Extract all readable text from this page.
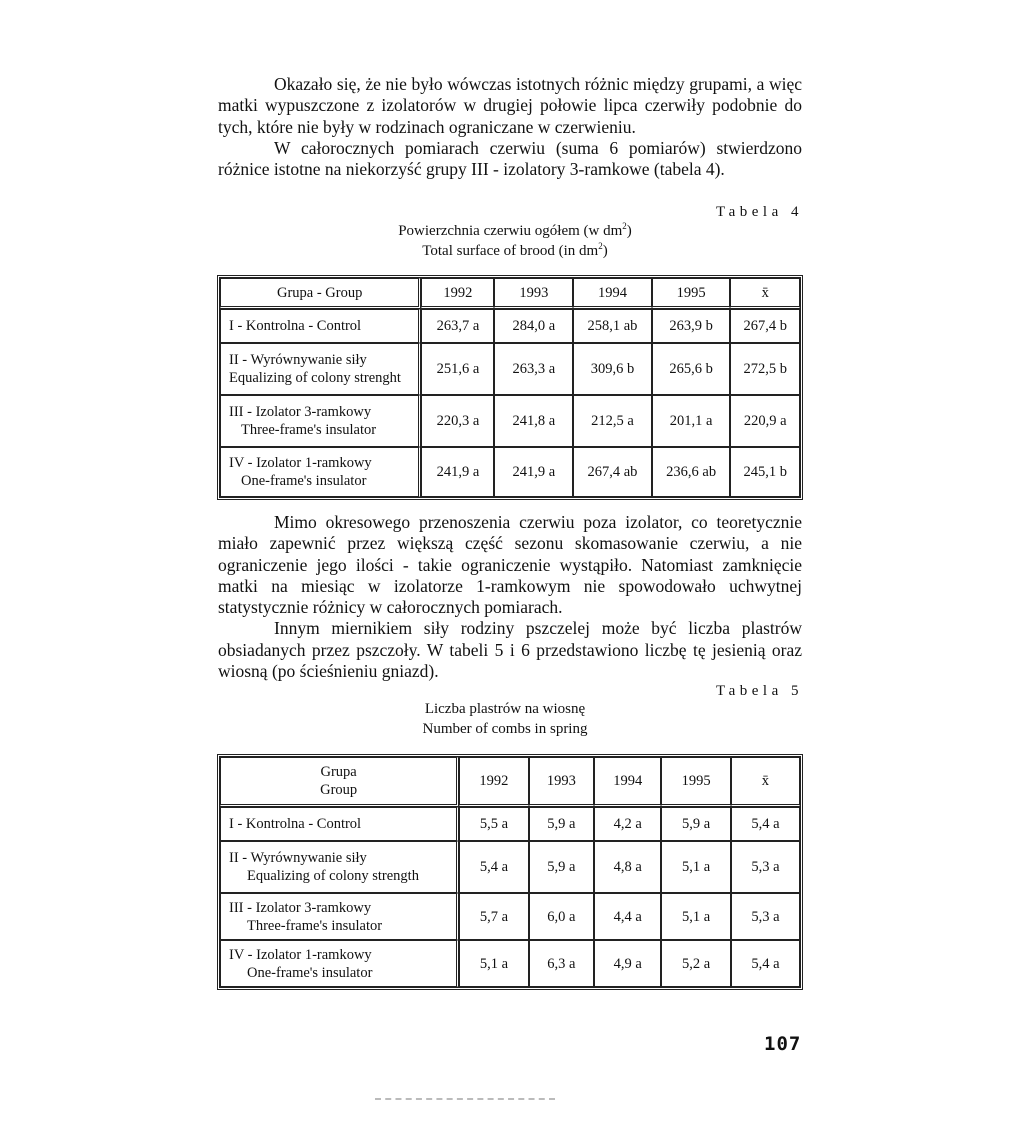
Okazało się, że nie było wówczas istotnych różnic między grupami, a więc matki wypuszczone z izolatorów w drugiej połowie lipca czerwiły podobnie do tych, które nie były w rodzinach ograniczane w czerwieniu.
W całorocznych pomiarach czerwiu (suma 6 pomiarów) stwierdzono różnice istotne na niekorzyść grupy III - izolatory 3-ramkowe (tabela 4).
Tabela 4
Powierzchnia czerwiu ogółem (w $dm^2$)
Total surface of brood (in $dm^2$)
Grupa - Group	1992	1993	1994	1995	x̄

I - Kontrolna - Control	263,7 a	284,0 a	258,1 ab	263,9 b	267,4 b

II - Wyrównywanie siły
Equalizing of colony strenght	251,6 a	263,3 a	309,6 b	265,6 b	272,5 b

III - Izolator 3-ramkowy
Three-frame's insulator	220,3 a	241,8 a	212,5 a	201,1 a	220,9 a

IV - Izolator 1-ramkowy
One-frame's insulator	241,9 a	241,9 a	267,4 ab	236,6 ab	245,1 b
Mimo okresowego przenoszenia czerwiu poza izolator, co teoretycznie miało zapewnić przez większą część sezonu skomasowanie czerwiu, a nie ograniczenie jego ilości - takie ograniczenie wystąpiło. Natomiast zamknięcie matki na miesiąc w izolatorze 1-ramkowym nie spowodowało uchwytnej statystycznie różnicy w całorocznych pomiarach.
Innym miernikiem siły rodziny pszczelej może być liczba plastrów obsiadanych przez pszczoły. W tabeli 5 i 6 przedstawiono liczbę tę jesienią oraz wiosną (po ścieśnieniu gniazd).
Tabela 5
Liczba plastrów na wiosnę
Number of combs in spring
Grupa
Group	1992	1993	1994	1995	x̄

I - Kontrolna - Control	5,5 a	5,9 a	4,2 a	5,9 a	5,4 a

II - Wyrównywanie siły
Equalizing of colony strength	5,4 a	5,9 a	4,8 a	5,1 a	5,3 a

III - Izolator 3-ramkowy
Three-frame's insulator	5,7 a	6,0 a	4,4 a	5,1 a	5,3 a

IV - Izolator 1-ramkowy
One-frame's insulator	5,1 a	6,3 a	4,9 a	5,2 a	5,4 a
107
